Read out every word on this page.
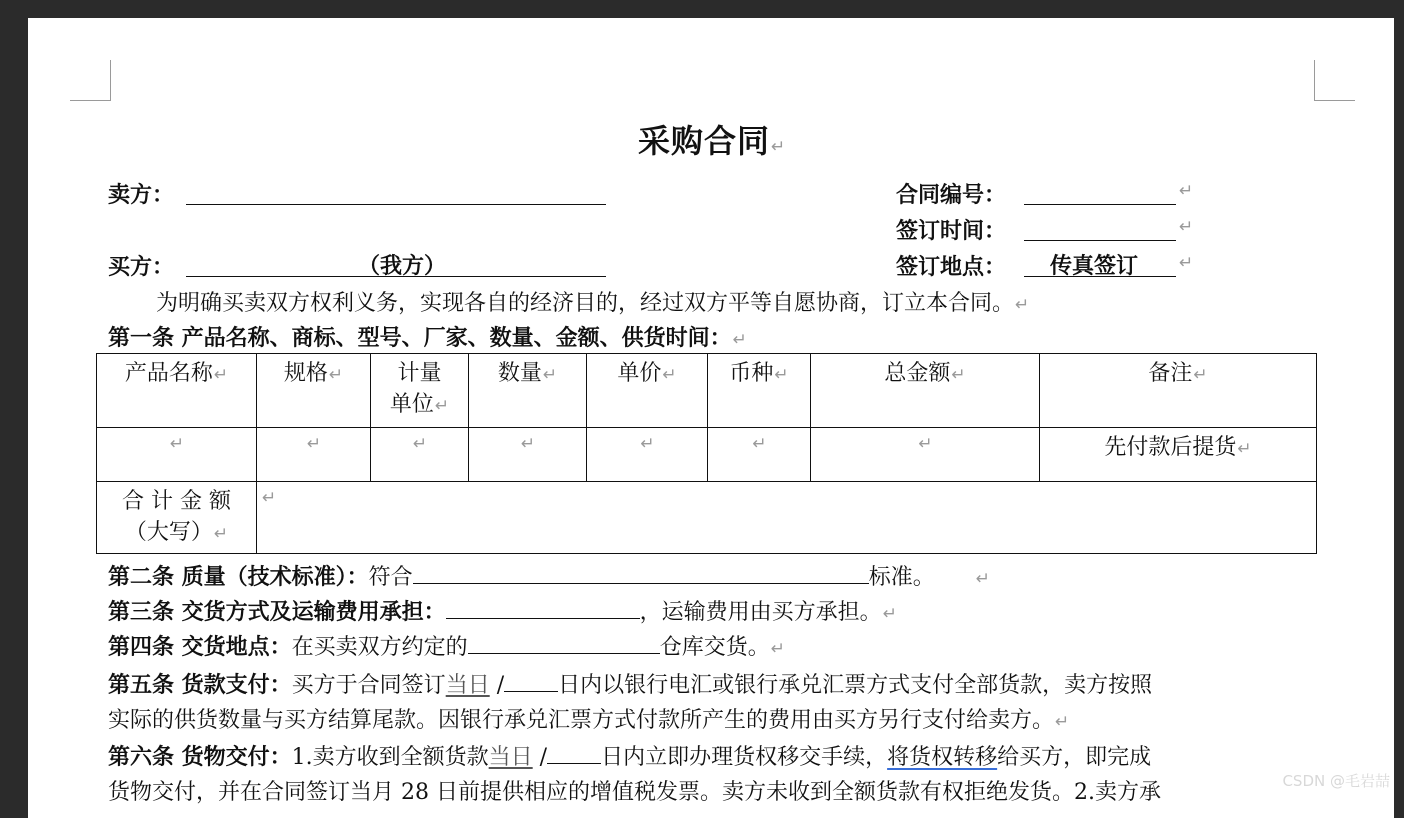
采购合同↵
卖方：
买方：	（我方）
合同编号：	↵
签订时间：	↵
签订地点： 传真签订 ↵
为明确买卖双方权利义务，实现各自的经济目的，经过双方平等自愿协商，订立本合同。↵
第一条 产品名称、商标、型号、厂家、数量、金额、供货时间：↵
产品名称↵	规格↵	计量
单位↵	数量↵	单价↵	币种↵	总金额↵	备注↵
↵	↵	↵	↵	↵	↵	↵	先付款后提货↵
合 计 金 额
（大写）↵	↵						
第二条 质量（技术标准）：符合	标准。 ↵
第三条 交货方式及运输费用承担：	，运输费用由买方承担。↵
第四条 交货地点：在买卖双方约定的	仓库交货。↵
第五条 货款支付：买方于合同签订当日 / 日内以银行电汇或银行承兑汇票方式支付全部货款，卖方按照
实际的供货数量与买方结算尾款。因银行承兑汇票方式付款所产生的费用由买方另行支付给卖方。↵
第六条 货物交付：1.卖方收到全额货款当日 / 日内立即办理货权移交手续，将货权转移给买方，即完成
货物交付，并在合同签订当月 28 日前提供相应的增值税发票。卖方未收到全额货款有权拒绝发货。2.卖方承	CSDN @毛岩喆
